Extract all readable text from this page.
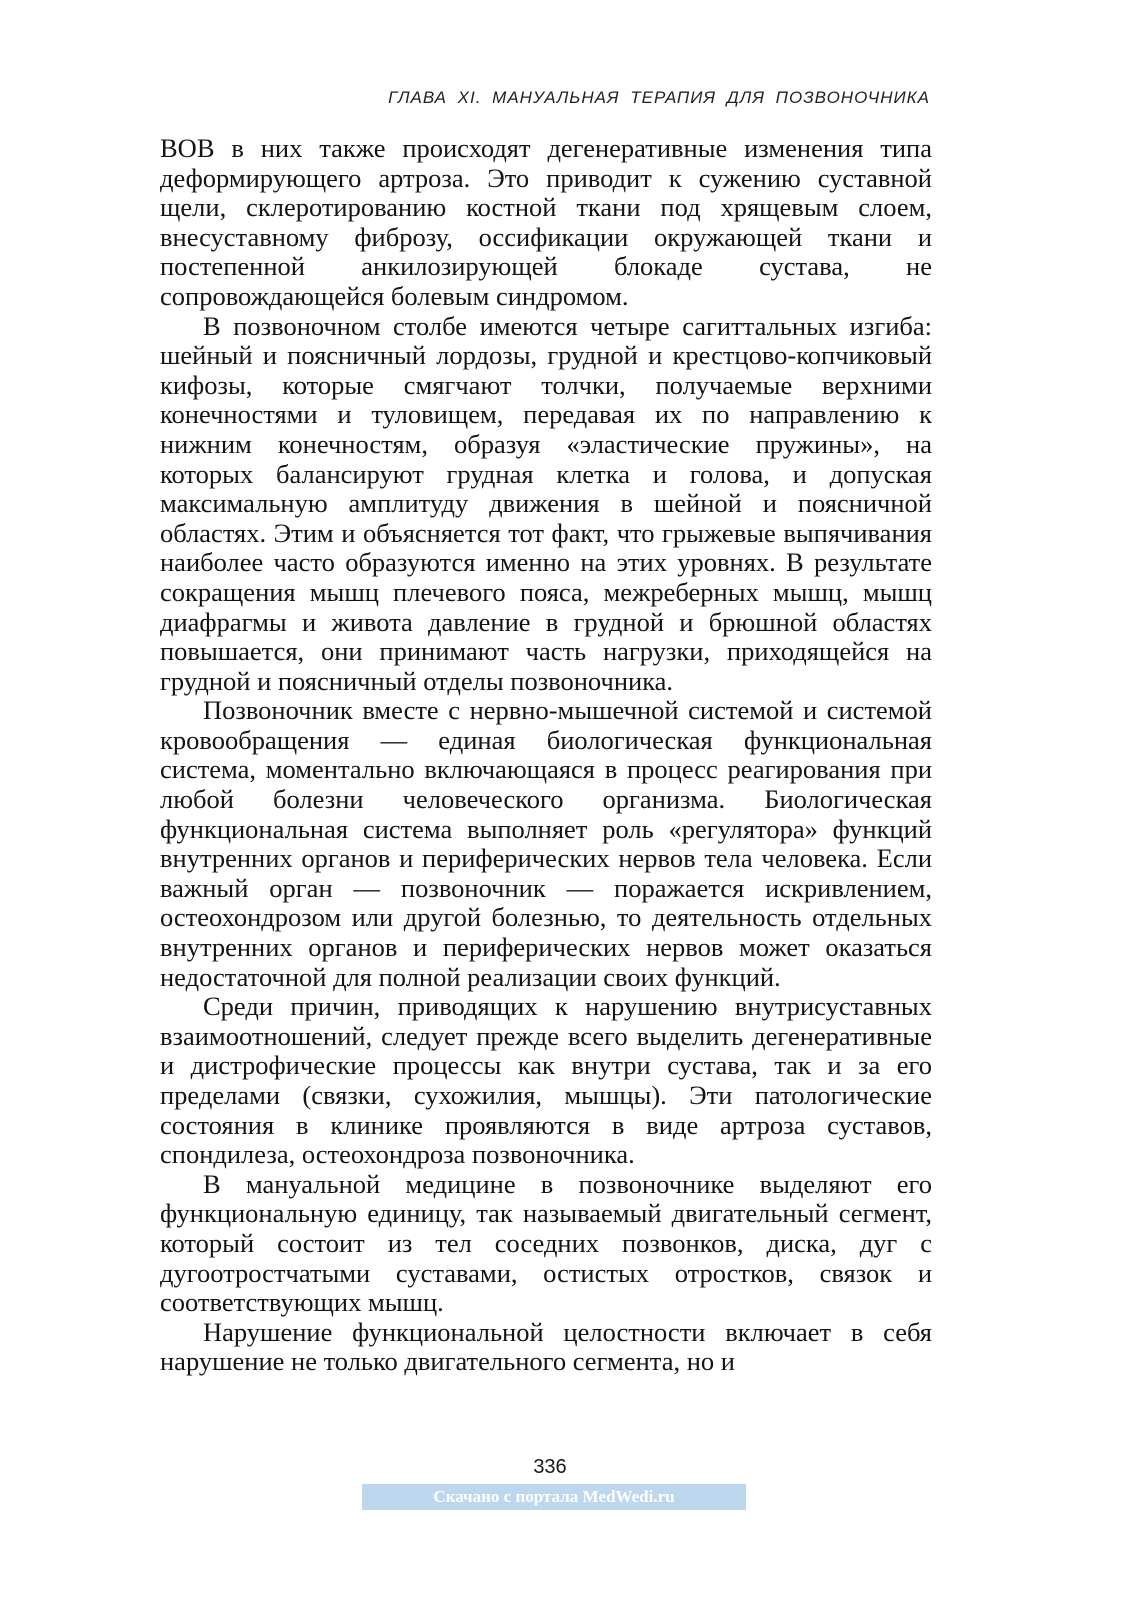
ГЛАВА XI. МАНУАЛЬНАЯ ТЕРАПИЯ ДЛЯ ПОЗВОНОЧНИКА

ВОВ в них также происходят дегенеративные изменения типа деформирующего артроза. Это приводит к сужению суставной щели, склеротированию костной ткани под хрящевым слоем, внесуставному фиброзу, оссификации окружающей ткани и постепенной анкилозирующей блокаде сустава, не сопровождающейся болевым синдромом.

В позвоночном столбе имеются четыре сагиттальных изгиба: шейный и поясничный лордозы, грудной и крестцово-копчиковый кифозы, которые смягчают толчки, получаемые верхними конечностями и туловищем, передавая их по направлению к нижним конечностям, образуя «эластические пружины», на которых балансируют грудная клетка и голова, и допуская максимальную амплитуду движения в шейной и поясничной областях. Этим и объясняется тот факт, что грыжевые выпячивания наиболее часто образуются именно на этих уровнях. В результате сокращения мышц плечевого пояса, межреберных мышц, мышц диафрагмы и живота давление в грудной и брюшной областях повышается, они принимают часть нагрузки, приходящейся на грудной и поясничный отделы позвоночника.

Позвоночник вместе с нервно-мышечной системой и системой кровообращения — единая биологическая функциональная система, моментально включающаяся в процесс реагирования при любой болезни человеческого организма. Биологическая функциональная система выполняет роль «регулятора» функций внутренних органов и периферических нервов тела человека. Если важный орган — позвоночник — поражается искривлением, остеохондрозом или другой болезнью, то деятельность отдельных внутренних органов и периферических нервов может оказаться недостаточной для полной реализации своих функций.

Среди причин, приводящих к нарушению внутрисуставных взаимоотношений, следует прежде всего выделить дегенеративные и дистрофические процессы как внутри сустава, так и за его пределами (связки, сухожилия, мышцы). Эти патологические состояния в клинике проявляются в виде артроза суставов, спондилеза, остеохондроза позвоночника.

В мануальной медицине в позвоночнике выделяют его функциональную единицу, так называемый двигательный сегмент, который состоит из тел соседних позвонков, диска, дуг с дугоотростчатыми суставами, остистых отростков, связок и соответствующих мышц.

Нарушение функциональной целостности включает в себя нарушение не только двигательного сегмента, но и

336
Скачано с портала MedWedi.ru
